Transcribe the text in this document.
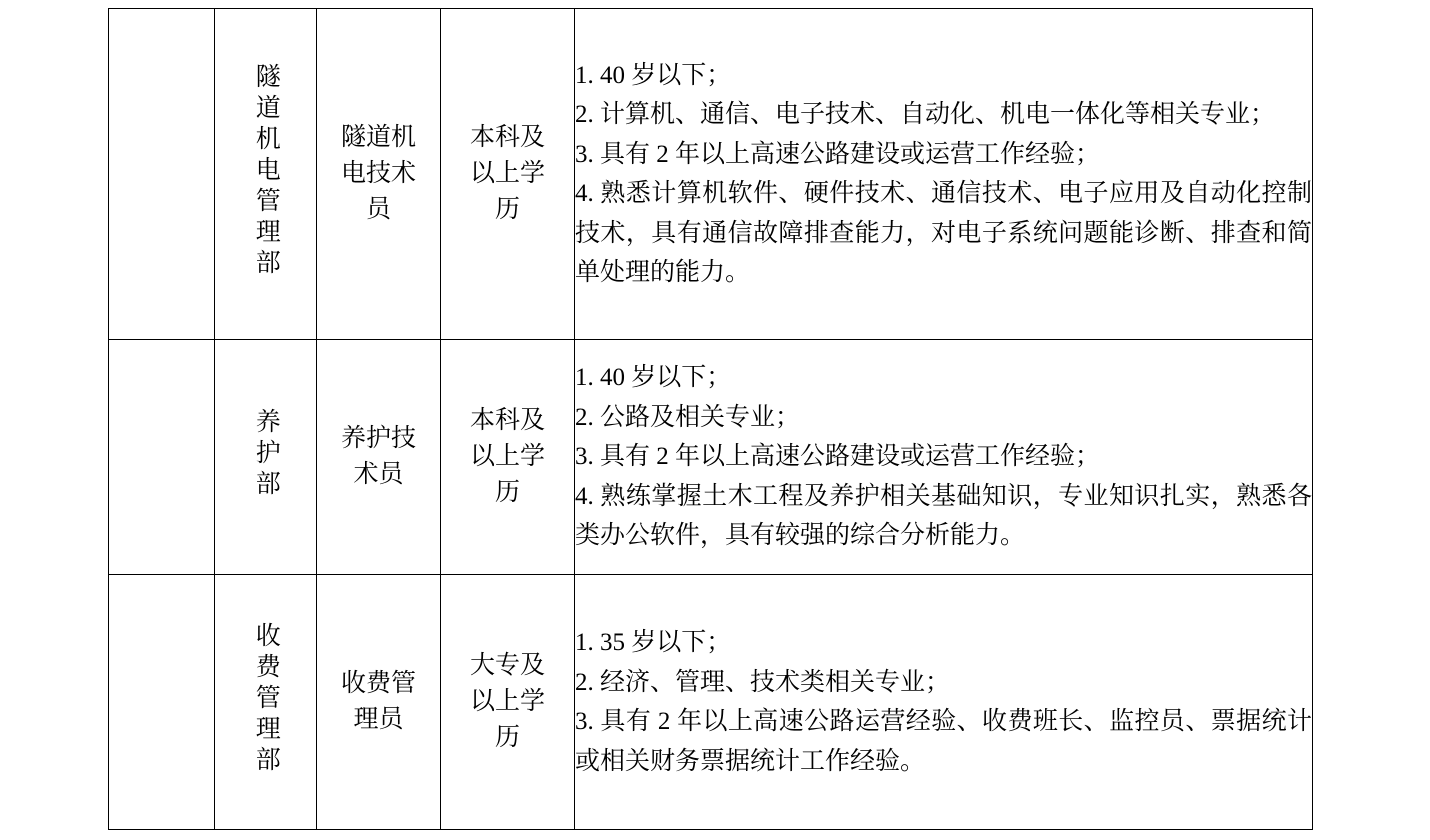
	隧道机电管理部	隧道机
电技术
员	本科及
以上学
历	1. 40 岁以下；
2. 计算机、通信、电子技术、自动化、机电一体化等相关专业；
3. 具有 2 年以上高速公路建设或运营工作经验；
4. 熟悉计算机软件、硬件技术、通信技术、电子应用及自动化控制技术，具有通信故障排查能力，对电子系统问题能诊断、排查和简单处理的能力。

	养护部	养护技
术员	本科及
以上学
历	1. 40 岁以下；
2. 公路及相关专业；
3. 具有 2 年以上高速公路建设或运营工作经验；
4. 熟练掌握土木工程及养护相关基础知识，专业知识扎实，熟悉各类办公软件，具有较强的综合分析能力。

	收费管理部	收费管
理员	大专及
以上学
历	1. 35 岁以下；
2. 经济、管理、技术类相关专业；
3. 具有 2 年以上高速公路运营经验、收费班长、监控员、票据统计或相关财务票据统计工作经验。
